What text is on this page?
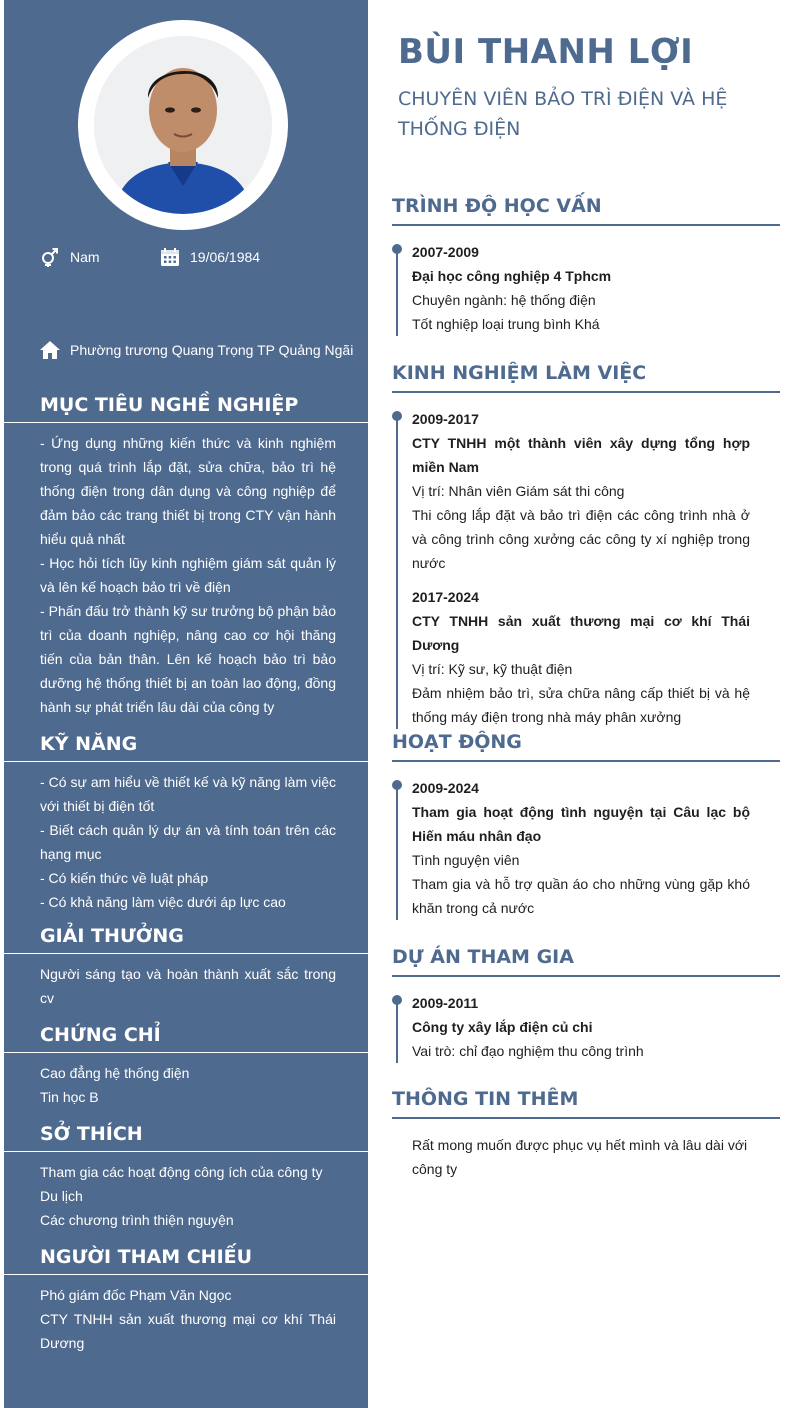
Nam	19/06/1984
Phường trương Quang Trọng TP Quảng Ngãi
MỤC TIÊU NGHỀ NGHIỆP

- Ứng dụng những kiến thức và kinh nghiệm trong quá trình lắp đặt, sửa chữa, bảo trì hệ thống điện trong dân dụng và công nghiệp để đảm bảo các trang thiết bị trong CTY vận hành hiểu quả nhất

- Học hỏi tích lũy kinh nghiệm giám sát quản lý và lên kế hoạch bảo trì về điện

- Phấn đấu trở thành kỹ sư trưởng bộ phận bảo trì của doanh nghiệp, nâng cao cơ hội thăng tiến của bản thân. Lên kế hoạch bảo trì bảo dưỡng hệ thống thiết bị an toàn lao động, đồng hành sự phát triển lâu dài của công ty

KỸ NĂNG

- Có sự am hiểu về thiết kế và kỹ năng làm việc với thiết bị điện tốt

- Biết cách quản lý dự án và tính toán trên các hạng mục

- Có kiến thức về luật pháp

- Có khả năng làm việc dưới áp lực cao

GIẢI THƯỞNG

Người sáng tạo và hoàn thành xuất sắc trong cv

CHỨNG CHỈ

Cao đẳng hệ thống điện

Tin học B

SỞ THÍCH

Tham gia các hoạt động công ích của công ty

Du lịch

Các chương trình thiện nguyện

NGƯỜI THAM CHIẾU

Phó giám đốc Phạm Văn Ngọc

CTY TNHH sản xuất thương mại cơ khí Thái Dương

BÙI THANH LỢI
CHUYÊN VIÊN BẢO TRÌ ĐIỆN VÀ HỆ THỐNG ĐIỆN
TRÌNH ĐỘ HỌC VẤN
2007-2009
Đại học công nghiệp 4 Tphcm
Chuyên ngành: hệ thống điện
Tốt nghiệp loại trung bình Khá
KINH NGHIỆM LÀM VIỆC
2009-2017
CTY TNHH một thành viên xây dựng tổng hợp miền Nam
Vị trí: Nhân viên Giám sát thi công
Thi công lắp đặt và bảo trì điện các công trình nhà ở và công trình công xưởng các công ty xí nghiệp trong nước
2017-2024
CTY TNHH sản xuất thương mại cơ khí Thái Dương
Vị trí: Kỹ sư, kỹ thuật điện
Đảm nhiệm bảo trì, sửa chữa nâng cấp thiết bị và hệ thống máy điện trong nhà máy phân xưởng
HOẠT ĐỘNG
2009-2024
Tham gia hoạt động tình nguyện tại Câu lạc bộ Hiến máu nhân đạo
Tình nguyện viên
Tham gia và hỗ trợ quần áo cho những vùng gặp khó khăn trong cả nước
DỰ ÁN THAM GIA
2009-2011
Công ty xây lắp điện củ chi
Vai trò: chỉ đạo nghiệm thu công trình
THÔNG TIN THÊM
Rất mong muốn được phục vụ hết mình và lâu dài với công ty
